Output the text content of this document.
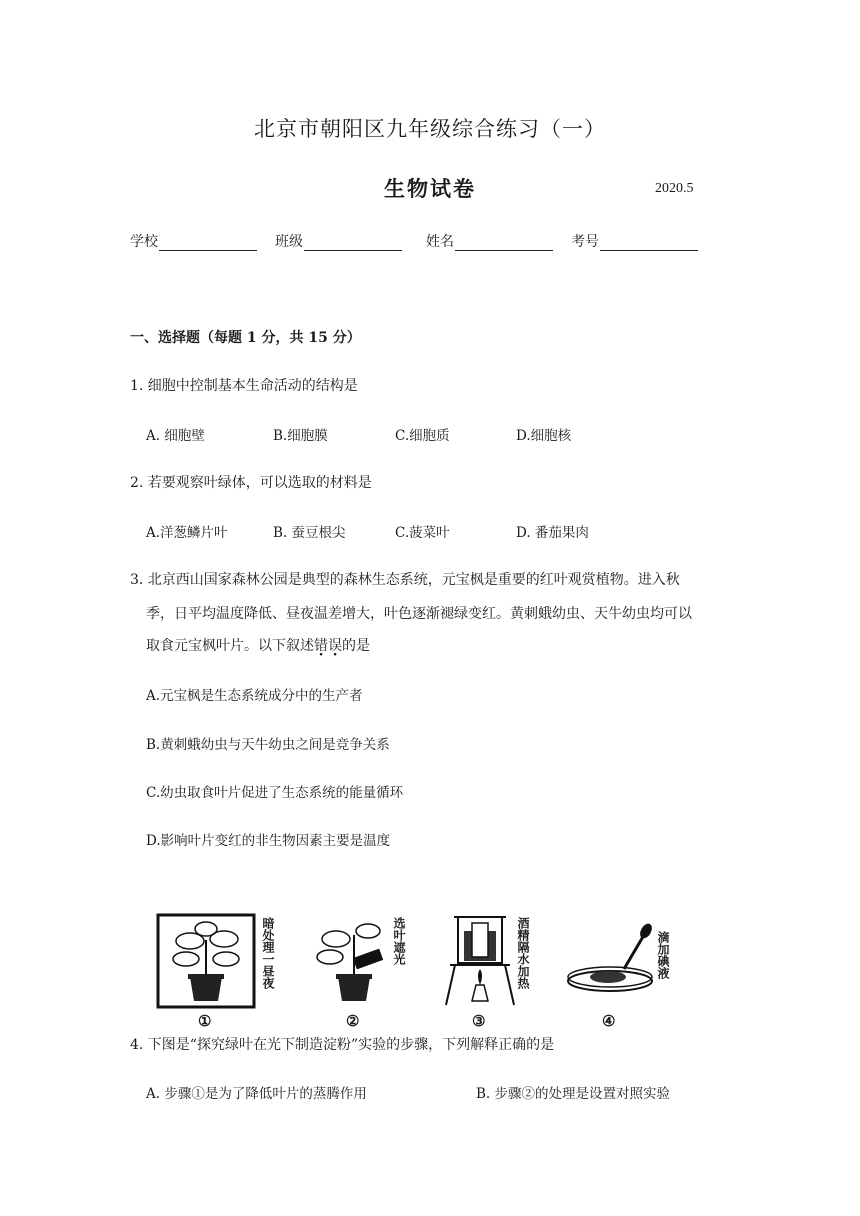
北京市朝阳区九年级综合练习（一）
生物试卷	2020.5
学校	班级	姓名	考号
一、选择题（每题 1 分，共 15 分）
1. 细胞中控制基本生命活动的结构是
A. 细胞壁	B.细胞膜	C.细胞质	D.细胞核
2. 若要观察叶绿体，可以选取的材料是
A.洋葱鳞片叶	B. 蚕豆根尖	C.菠菜叶	D. 番茄果肉
3. 北京西山国家森林公园是典型的森林生态系统，元宝枫是重要的红叶观赏植物。进入秋
季，日平均温度降低、昼夜温差增大，叶色逐渐褪绿变红。黄刺蛾幼虫、天牛幼虫均可以
取食元宝枫叶片。以下叙述错误的是
A.元宝枫是生态系统成分中的生产者
B.黄刺蛾幼虫与天牛幼虫之间是竞争关系
C.幼虫取食叶片促进了生态系统的能量循环
D.影响叶片变红的非生物因素主要是温度
暗处理一昼夜	选叶遮光	酒精隔水加热	滴加碘液
①	②	③	④
4. 下图是“探究绿叶在光下制造淀粉”实验的步骤，下列解释正确的是
A. 步骤①是为了降低叶片的蒸腾作用	B. 步骤②的处理是设置对照实验
